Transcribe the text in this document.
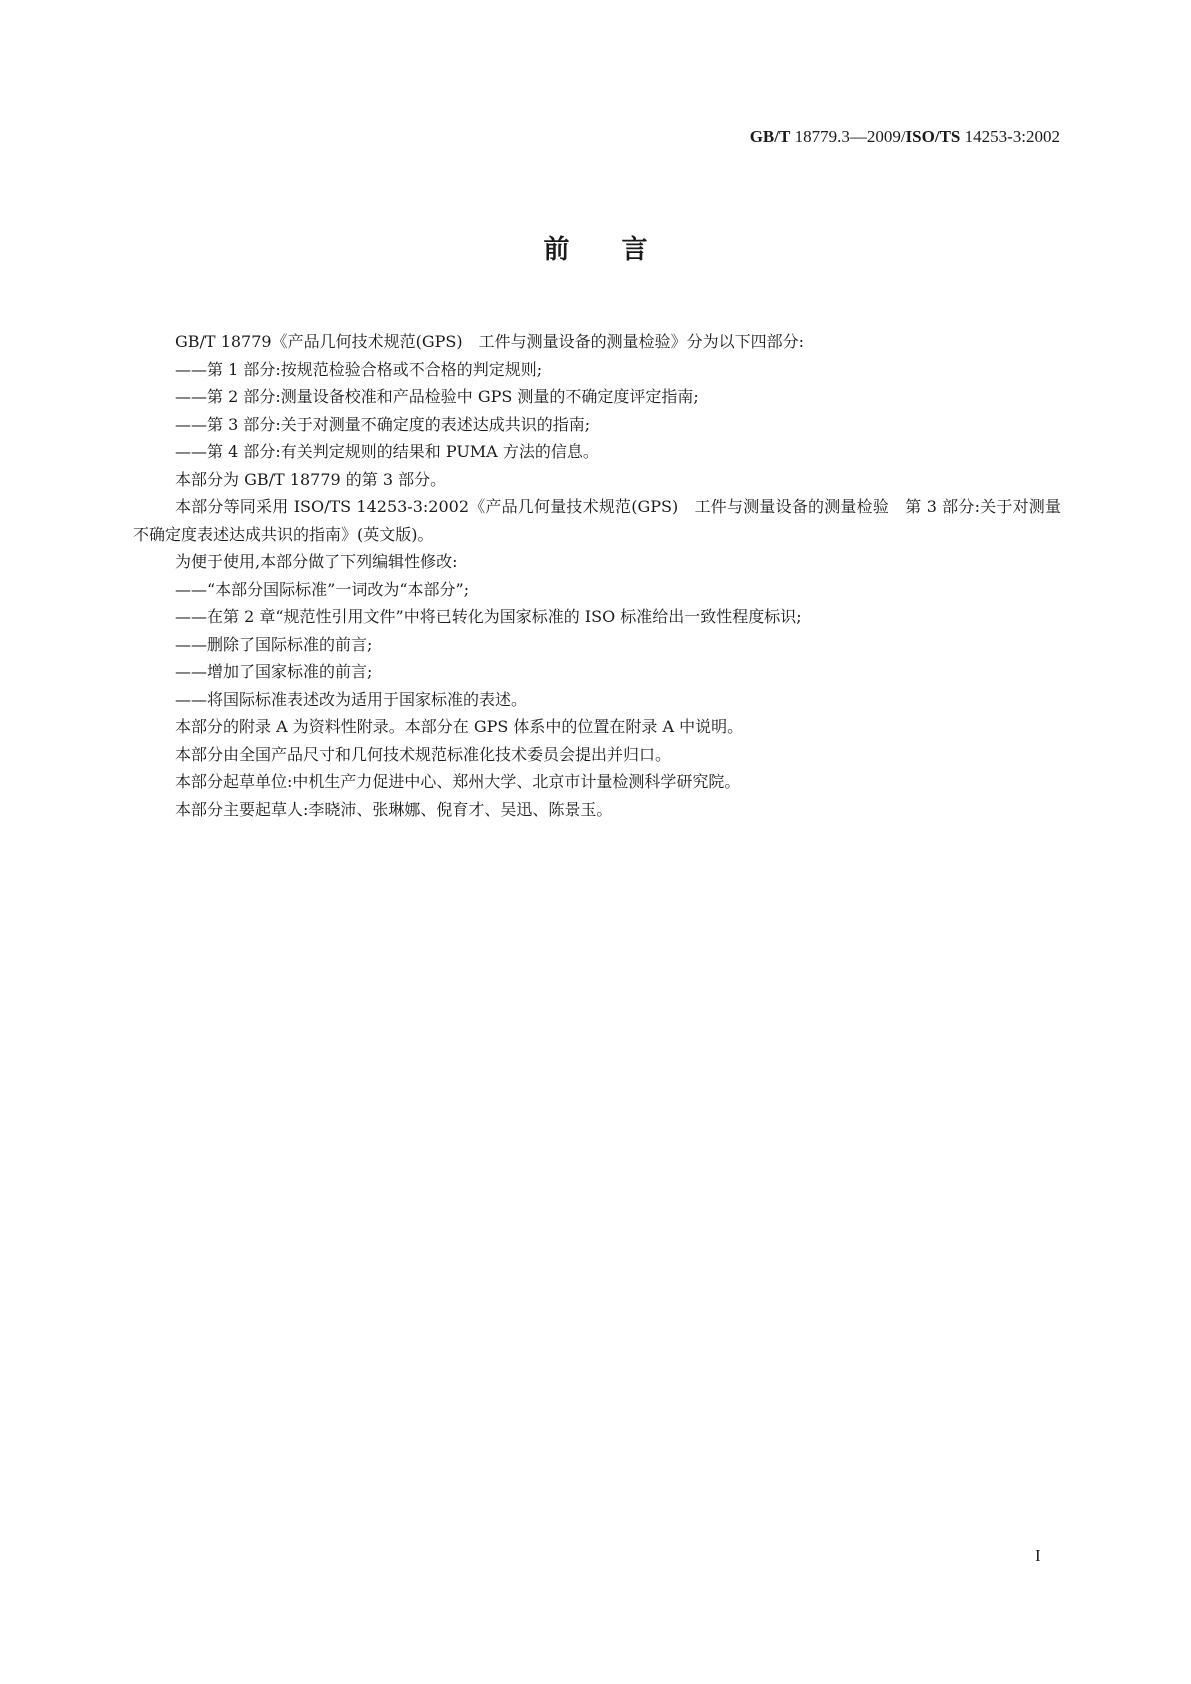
GB/T 18779.3—2009/ISO/TS 14253-3:2002
前言

GB/T 18779《产品几何技术规范(GPS)　工件与测量设备的测量检验》分为以下四部分:

——第 1 部分:按规范检验合格或不合格的判定规则;

——第 2 部分:测量设备校准和产品检验中 GPS 测量的不确定度评定指南;

——第 3 部分:关于对测量不确定度的表述达成共识的指南;

——第 4 部分:有关判定规则的结果和 PUMA 方法的信息。

本部分为 GB/T 18779 的第 3 部分。

本部分等同采用 ISO/TS 14253-3:2002《产品几何量技术规范(GPS)　工件与测量设备的测量检验　第 3 部分:关于对测量不确定度表述达成共识的指南》(英文版)。

为便于使用,本部分做了下列编辑性修改:

——“本部分国际标准”一词改为“本部分”;

——在第 2 章“规范性引用文件”中将已转化为国家标准的 ISO 标准给出一致性程度标识;

——删除了国际标准的前言;

——增加了国家标准的前言;

——将国际标准表述改为适用于国家标准的表述。

本部分的附录 A 为资料性附录。本部分在 GPS 体系中的位置在附录 A 中说明。

本部分由全国产品尺寸和几何技术规范标准化技术委员会提出并归口。

本部分起草单位:中机生产力促进中心、郑州大学、北京市计量检测科学研究院。

本部分主要起草人:李晓沛、张琳娜、倪育才、吴迅、陈景玉。

I
